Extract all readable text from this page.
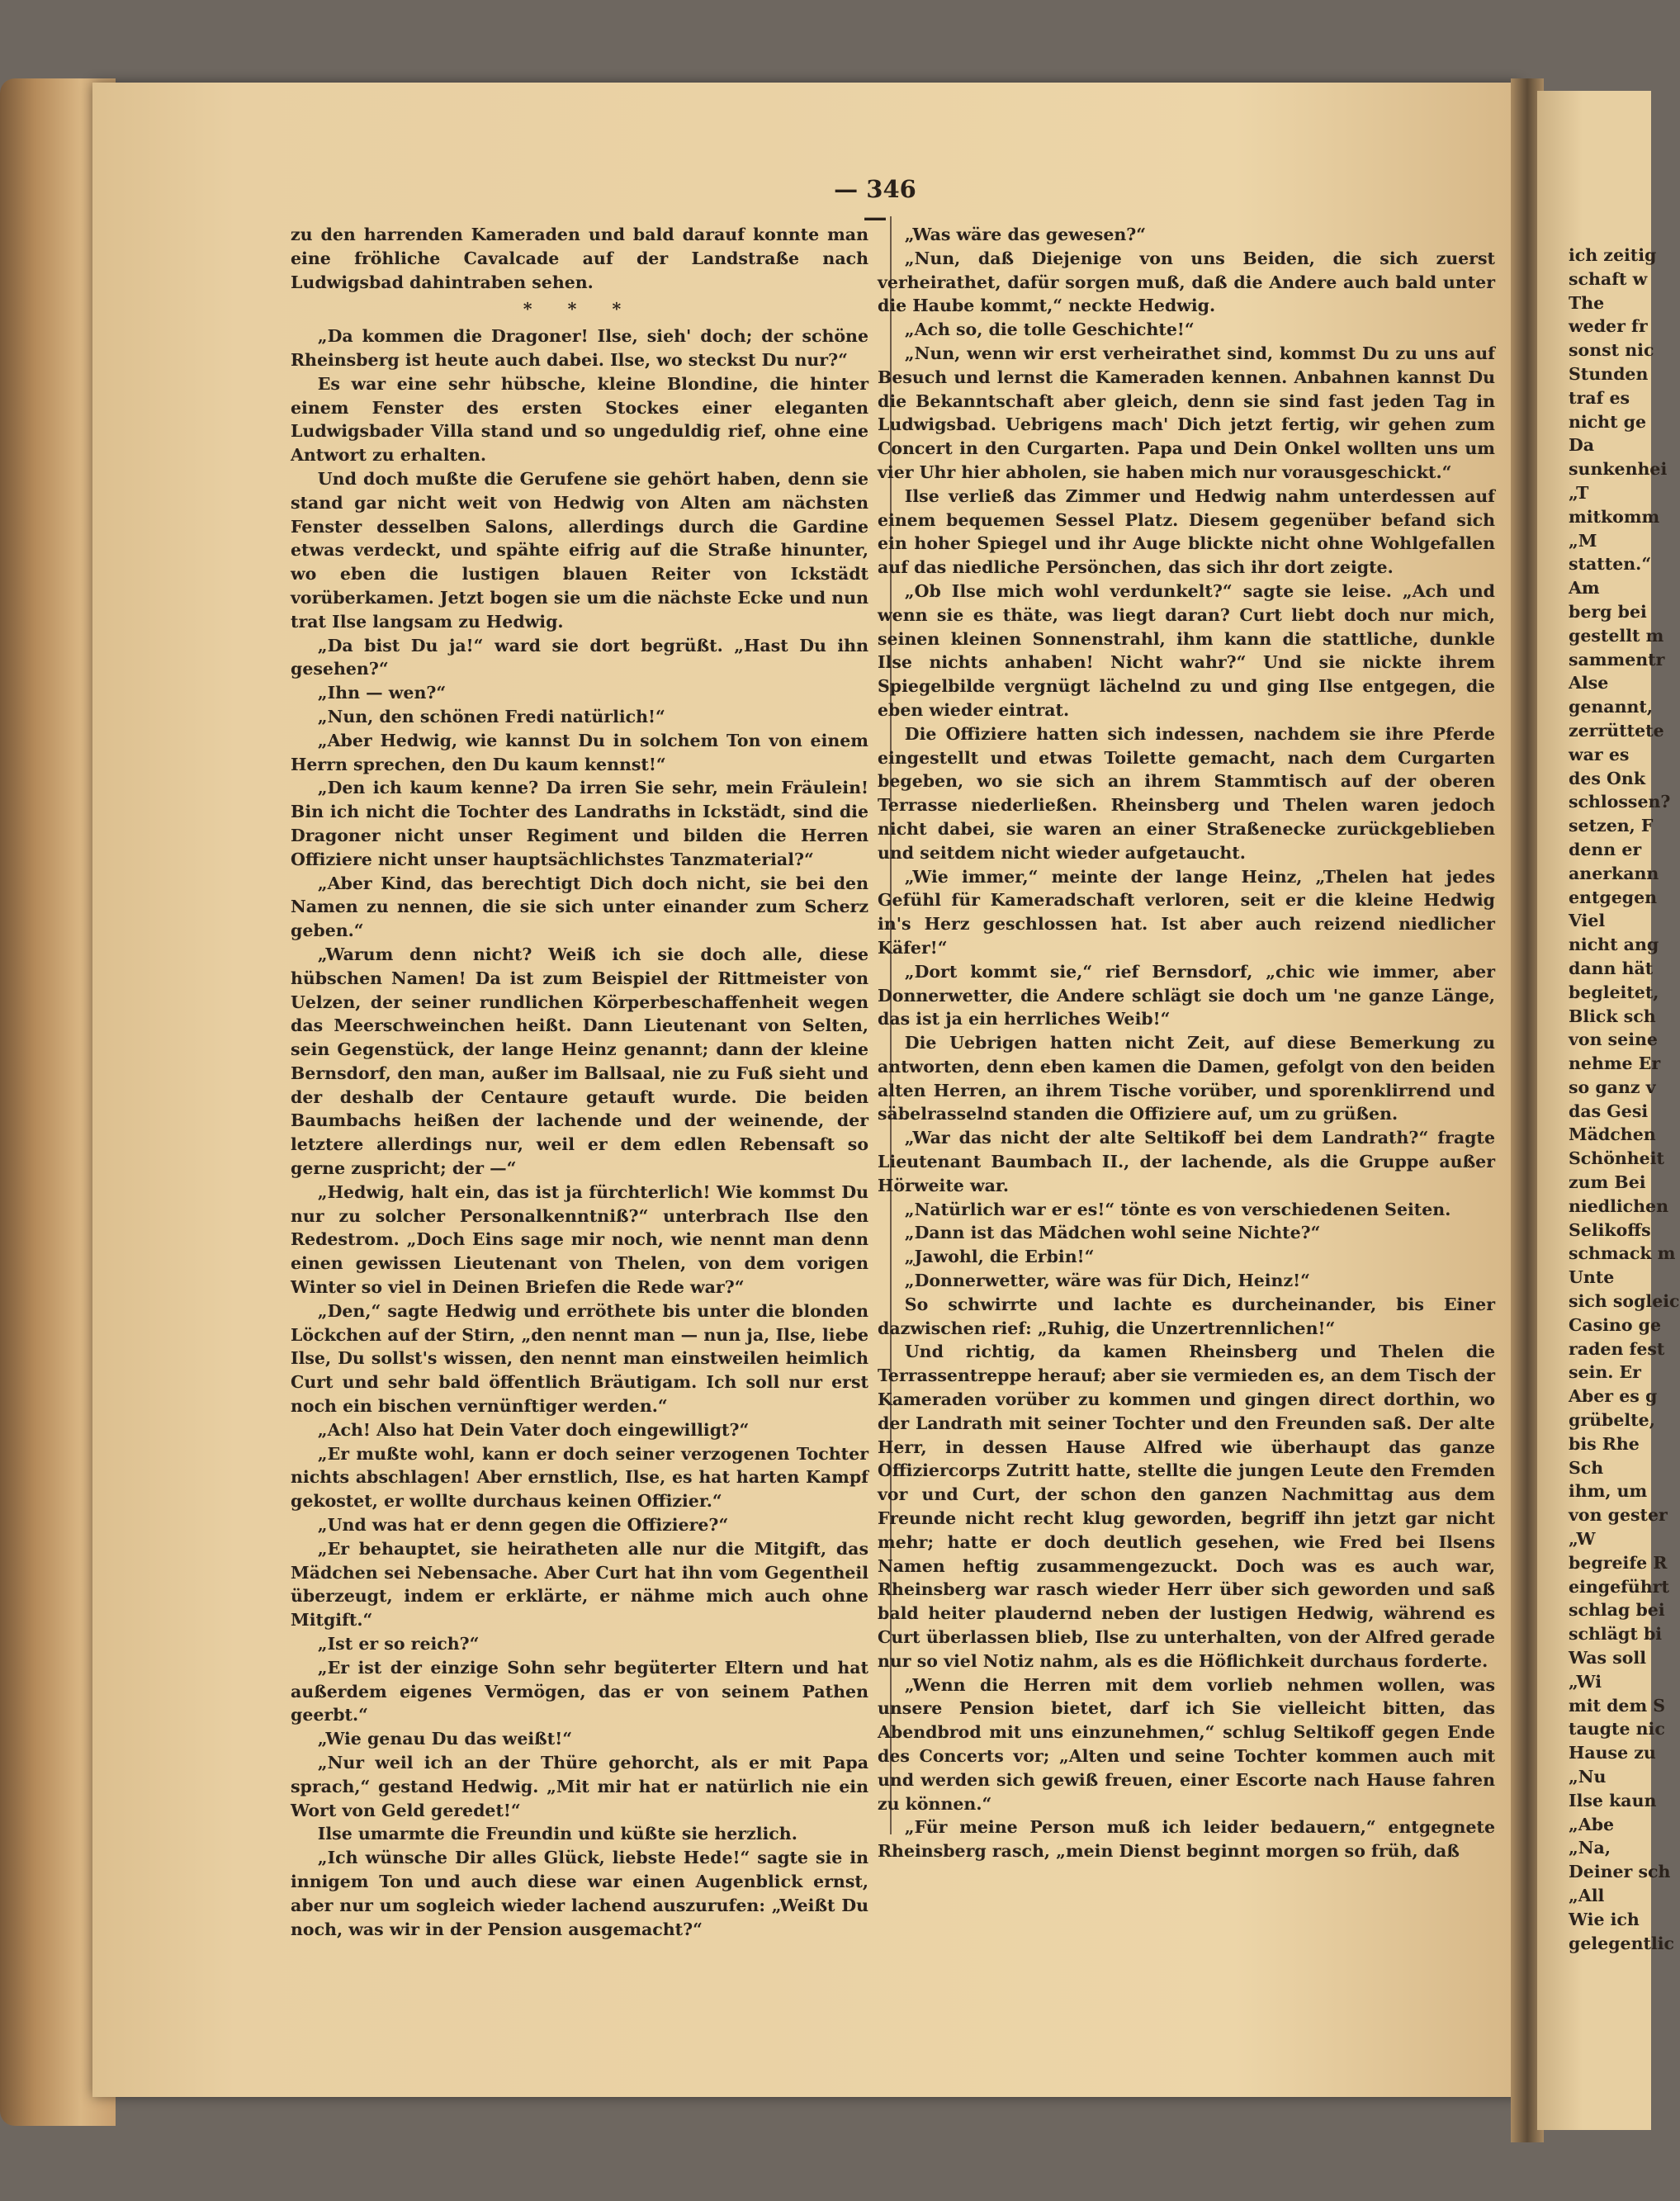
— 346 —

zu den harrenden Kameraden und bald darauf konnte man eine fröhliche Cavalcade auf der Landstraße nach Ludwigsbad dahintraben sehen.

* * *

„Da kommen die Dragoner! Ilse, sieh' doch; der schöne Rheinsberg ist heute auch dabei. Ilse, wo steckst Du nur?“

Es war eine sehr hübsche, kleine Blondine, die hinter einem Fenster des ersten Stockes einer eleganten Ludwigsbader Villa stand und so ungeduldig rief, ohne eine Antwort zu erhalten.

Und doch mußte die Gerufene sie gehört haben, denn sie stand gar nicht weit von Hedwig von Alten am nächsten Fenster desselben Salons, allerdings durch die Gardine etwas verdeckt, und spähte eifrig auf die Straße hinunter, wo eben die lustigen blauen Reiter von Ickstädt vorüberkamen. Jetzt bogen sie um die nächste Ecke und nun trat Ilse langsam zu Hedwig.

„Da bist Du ja!“ ward sie dort begrüßt. „Hast Du ihn gesehen?“

„Ihn — wen?“

„Nun, den schönen Fredi natürlich!“

„Aber Hedwig, wie kannst Du in solchem Ton von einem Herrn sprechen, den Du kaum kennst!“

„Den ich kaum kenne? Da irren Sie sehr, mein Fräulein! Bin ich nicht die Tochter des Landraths in Ickstädt, sind die Dragoner nicht unser Regiment und bilden die Herren Offiziere nicht unser hauptsächlichstes Tanzmaterial?“

„Aber Kind, das berechtigt Dich doch nicht, sie bei den Namen zu nennen, die sie sich unter einander zum Scherz geben.“

„Warum denn nicht? Weiß ich sie doch alle, diese hübschen Namen! Da ist zum Beispiel der Rittmeister von Uelzen, der seiner rundlichen Körperbeschaffenheit wegen das Meerschweinchen heißt. Dann Lieutenant von Selten, sein Gegenstück, der lange Heinz genannt; dann der kleine Bernsdorf, den man, außer im Ballsaal, nie zu Fuß sieht und der deshalb der Centaure getauft wurde. Die beiden Baumbachs heißen der lachende und der weinende, der letztere allerdings nur, weil er dem edlen Rebensaft so gerne zuspricht; der —“

„Hedwig, halt ein, das ist ja fürchterlich! Wie kommst Du nur zu solcher Personalkenntniß?“ unterbrach Ilse den Redestrom. „Doch Eins sage mir noch, wie nennt man denn einen gewissen Lieutenant von Thelen, von dem vorigen Winter so viel in Deinen Briefen die Rede war?“

„Den,“ sagte Hedwig und erröthete bis unter die blonden Löckchen auf der Stirn, „den nennt man — nun ja, Ilse, liebe Ilse, Du sollst's wissen, den nennt man einstweilen heimlich Curt und sehr bald öffentlich Bräutigam. Ich soll nur erst noch ein bischen vernünftiger werden.“

„Ach! Also hat Dein Vater doch eingewilligt?“

„Er mußte wohl, kann er doch seiner verzogenen Tochter nichts abschlagen! Aber ernstlich, Ilse, es hat harten Kampf gekostet, er wollte durchaus keinen Offizier.“

„Und was hat er denn gegen die Offiziere?“

„Er behauptet, sie heiratheten alle nur die Mitgift, das Mädchen sei Nebensache. Aber Curt hat ihn vom Gegentheil überzeugt, indem er erklärte, er nähme mich auch ohne Mitgift.“

„Ist er so reich?“

„Er ist der einzige Sohn sehr begüterter Eltern und hat außerdem eigenes Vermögen, das er von seinem Pathen geerbt.“

„Wie genau Du das weißt!“

„Nur weil ich an der Thüre gehorcht, als er mit Papa sprach,“ gestand Hedwig. „Mit mir hat er natürlich nie ein Wort von Geld geredet!“

Ilse umarmte die Freundin und küßte sie herzlich.

„Ich wünsche Dir alles Glück, liebste Hede!“ sagte sie in innigem Ton und auch diese war einen Augenblick ernst, aber nur um sogleich wieder lachend auszurufen: „Weißt Du noch, was wir in der Pension ausgemacht?“

„Was wäre das gewesen?“

„Nun, daß Diejenige von uns Beiden, die sich zuerst verheirathet, dafür sorgen muß, daß die Andere auch bald unter die Haube kommt,“ neckte Hedwig.

„Ach so, die tolle Geschichte!“

„Nun, wenn wir erst verheirathet sind, kommst Du zu uns auf Besuch und lernst die Kameraden kennen. Anbahnen kannst Du die Bekanntschaft aber gleich, denn sie sind fast jeden Tag in Ludwigsbad. Uebrigens mach' Dich jetzt fertig, wir gehen zum Concert in den Curgarten. Papa und Dein Onkel wollten uns um vier Uhr hier abholen, sie haben mich nur vorausgeschickt.“

Ilse verließ das Zimmer und Hedwig nahm unterdessen auf einem bequemen Sessel Platz. Diesem gegenüber befand sich ein hoher Spiegel und ihr Auge blickte nicht ohne Wohlgefallen auf das niedliche Persönchen, das sich ihr dort zeigte.

„Ob Ilse mich wohl verdunkelt?“ sagte sie leise. „Ach und wenn sie es thäte, was liegt daran? Curt liebt doch nur mich, seinen kleinen Sonnenstrahl, ihm kann die stattliche, dunkle Ilse nichts anhaben! Nicht wahr?“ Und sie nickte ihrem Spiegelbilde vergnügt lächelnd zu und ging Ilse entgegen, die eben wieder eintrat.

Die Offiziere hatten sich indessen, nachdem sie ihre Pferde eingestellt und etwas Toilette gemacht, nach dem Curgarten begeben, wo sie sich an ihrem Stammtisch auf der oberen Terrasse niederließen. Rheinsberg und Thelen waren jedoch nicht dabei, sie waren an einer Straßenecke zurückgeblieben und seitdem nicht wieder aufgetaucht.

„Wie immer,“ meinte der lange Heinz, „Thelen hat jedes Gefühl für Kameradschaft verloren, seit er die kleine Hedwig in's Herz geschlossen hat. Ist aber auch reizend niedlicher Käfer!“

„Dort kommt sie,“ rief Bernsdorf, „chic wie immer, aber Donnerwetter, die Andere schlägt sie doch um 'ne ganze Länge, das ist ja ein herrliches Weib!“

Die Uebrigen hatten nicht Zeit, auf diese Bemerkung zu antworten, denn eben kamen die Damen, gefolgt von den beiden alten Herren, an ihrem Tische vorüber, und sporenklirrend und säbelrasselnd standen die Offiziere auf, um zu grüßen.

„War das nicht der alte Seltikoff bei dem Landrath?“ fragte Lieutenant Baumbach II., der lachende, als die Gruppe außer Hörweite war.

„Natürlich war er es!“ tönte es von verschiedenen Seiten.

„Dann ist das Mädchen wohl seine Nichte?“

„Jawohl, die Erbin!“

„Donnerwetter, wäre was für Dich, Heinz!“

So schwirrte und lachte es durcheinander, bis Einer dazwischen rief: „Ruhig, die Unzertrennlichen!“

Und richtig, da kamen Rheinsberg und Thelen die Terrassentreppe herauf; aber sie vermieden es, an dem Tisch der Kameraden vorüber zu kommen und gingen direct dorthin, wo der Landrath mit seiner Tochter und den Freunden saß. Der alte Herr, in dessen Hause Alfred wie überhaupt das ganze Offiziercorps Zutritt hatte, stellte die jungen Leute den Fremden vor und Curt, der schon den ganzen Nachmittag aus dem Freunde nicht recht klug geworden, begriff ihn jetzt gar nicht mehr; hatte er doch deutlich gesehen, wie Fred bei Ilsens Namen heftig zusammengezuckt. Doch was es auch war, Rheinsberg war rasch wieder Herr über sich geworden und saß bald heiter plaudernd neben der lustigen Hedwig, während es Curt überlassen blieb, Ilse zu unterhalten, von der Alfred gerade nur so viel Notiz nahm, als es die Höflichkeit durchaus forderte.

„Wenn die Herren mit dem vorlieb nehmen wollen, was unsere Pension bietet, darf ich Sie vielleicht bitten, das Abendbrod mit uns einzunehmen,“ schlug Seltikoff gegen Ende des Concerts vor; „Alten und seine Tochter kommen auch mit und werden sich gewiß freuen, einer Escorte nach Hause fahren zu können.“

„Für meine Person muß ich leider bedauern,“ entgegnete Rheinsberg rasch, „mein Dienst beginnt morgen so früh, daß

ich zeitig
schaft w
The
weder fr
sonst nic
Stunden
traf es
nicht ge
Da
sunkenhei
„T
mitkomm
„M
statten.“
Am
berg bei
gestellt m
sammentr
Alse
genannt,
zerrüttete
war es
des Onk
schlossen?
setzen, F
denn er
anerkann
entgegen
Viel
nicht ang
dann hät
begleitet,
Blick sch
von seine
nehme Er
so ganz v
das Gesi
Mädchen
Schönheit
zum Bei
niedlichen
Selikoffs
schmack m
Unte
sich sogleic
Casino ge
raden fest
sein. Er
Aber es g
grübelte,
bis Rhe
Sch
ihm, um
von gester
„W
begreife R
eingeführt
schlag bei
schlägt bi
Was soll
„Wi
mit dem S
taugte nic
Hause zu
„Nu
Ilse kaun
„Abe
„Na,
Deiner sch
„All
Wie ich
gelegentlic
